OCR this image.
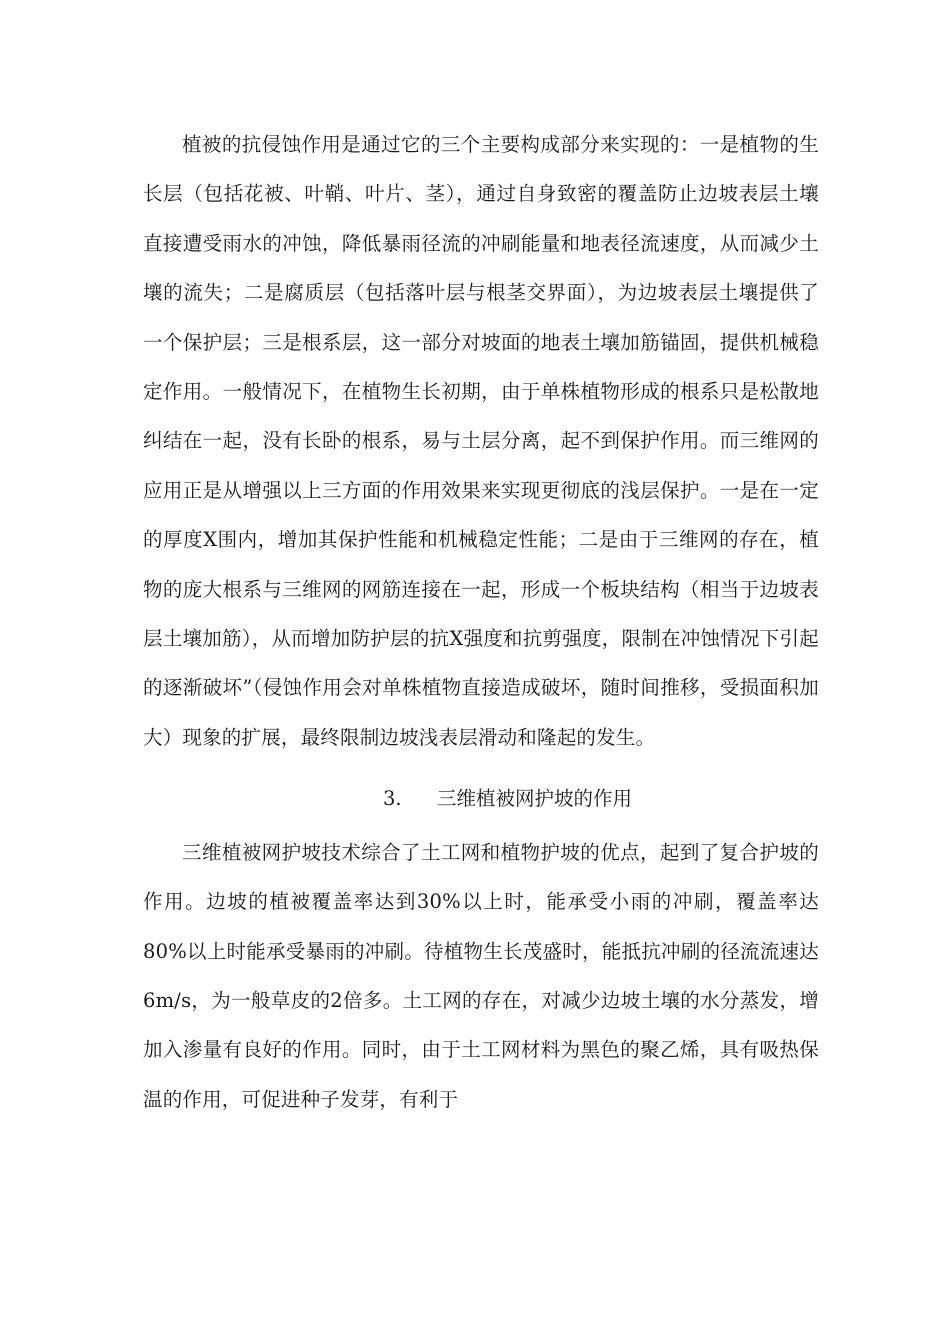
植被的抗侵蚀作用是通过它的三个主要构成部分来实现的：一是植物的生长层（包括花被、叶鞘、叶片、茎），通过自身致密的覆盖防止边坡表层土壤直接遭受雨水的冲蚀，降低暴雨径流的冲刷能量和地表径流速度，从而减少土壤的流失；二是腐质层（包括落叶层与根茎交界面），为边坡表层土壤提供了一个保护层；三是根系层，这一部分对坡面的地表土壤加筋锚固，提供机械稳定作用。一般情况下，在植物生长初期，由于单株植物形成的根系只是松散地纠结在一起，没有长卧的根系，易与土层分离，起不到保护作用。而三维网的应用正是从增强以上三方面的作用效果来实现更彻底的浅层保护。一是在一定的厚度X围内，增加其保护性能和机械稳定性能；二是由于三维网的存在，植物的庞大根系与三维网的网筋连接在一起，形成一个板块结构（相当于边坡表层土壤加筋），从而增加防护层的抗X强度和抗剪强度，限制在冲蚀情况下引起的逐渐破坏”（侵蚀作用会对单株植物直接造成破坏，随时间推移，受损面积加大）现象的扩展，最终限制边坡浅表层滑动和隆起的发生。

3. 三维植被网护坡的作用

三维植被网护坡技术综合了土工网和植物护坡的优点，起到了复合护坡的作用。边坡的植被覆盖率达到30%以上时，能承受小雨的冲刷，覆盖率达80%以上时能承受暴雨的冲刷。待植物生长茂盛时，能抵抗冲刷的径流流速达6m/s，为一般草皮的2倍多。土工网的存在，对减少边坡土壤的水分蒸发，增加入渗量有良好的作用。同时，由于土工网材料为黑色的聚乙烯，具有吸热保温的作用，可促进种子发芽，有利于
